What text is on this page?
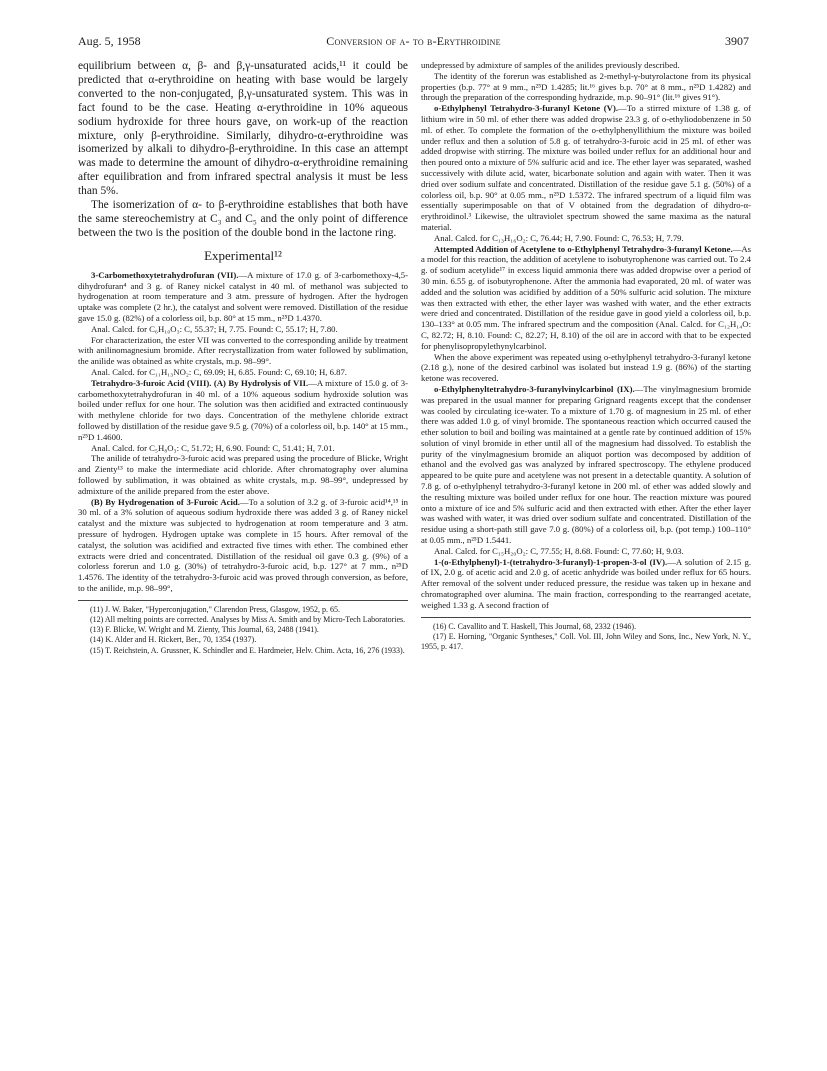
Aug. 5, 1958	Conversion of α- to β-Erythroidine	3907

equilibrium between α, β- and β,γ-unsaturated acids,¹¹ it could be predicted that α-erythroidine on heating with base would be largely converted to the non-conjugated, β,γ-unsaturated system. This was in fact found to be the case. Heating α-erythroidine in 10% aqueous sodium hydroxide for three hours gave, on work-up of the reaction mixture, only β-erythroidine. Similarly, dihydro-α-erythroidine was isomerized by alkali to dihydro-β-erythroidine. In this case an attempt was made to determine the amount of dihydro-α-erythroidine remaining after equilibration and from infrared spectral analysis it must be less than 5%.

The isomerization of α- to β-erythroidine establishes that both have the same stereochemistry at C₃ and C₅ and the only point of difference between the two is the position of the double bond in the lactone ring.

Experimental¹²

3-Carbomethoxytetrahydrofuran (VII).—A mixture of 17.0 g. of 3-carbomethoxy-4,5-dihydrofuran⁴ and 3 g. of Raney nickel catalyst in 40 ml. of methanol was subjected to hydrogenation at room temperature and 3 atm. pressure of hydrogen. After the hydrogen uptake was complete (2 hr.), the catalyst and solvent were removed. Distillation of the residue gave 15.0 g. (82%) of a colorless oil, b.p. 80° at 15 mm., n²⁵D 1.4370.

Anal. Calcd. for C₆H₁₀O₃: C, 55.37; H, 7.75. Found: C, 55.17; H, 7.80.

For characterization, the ester VII was converted to the corresponding anilide by treatment with anilinomagnesium bromide. After recrystallization from water followed by sublimation, the anilide was obtained as white crystals, m.p. 98–99°.

Anal. Calcd. for C₁₁H₁₃NO₂: C, 69.09; H, 6.85. Found: C, 69.10; H, 6.87.

Tetrahydro-3-furoic Acid (VIII). (A) By Hydrolysis of VII.—A mixture of 15.0 g. of 3-carbomethoxytetrahydrofuran in 40 ml. of a 10% aqueous sodium hydroxide solution was boiled under reflux for one hour. The solution was then acidified and extracted continuously with methylene chloride for two days. Concentration of the methylene chloride extract followed by distillation of the residue gave 9.5 g. (70%) of a colorless oil, b.p. 140° at 15 mm., n²⁵D 1.4600.

Anal. Calcd. for C₅H₈O₃: C, 51.72; H, 6.90. Found: C, 51.41; H, 7.01.

The anilide of tetrahydro-3-furoic acid was prepared using the procedure of Blicke, Wright and Zienty¹³ to make the intermediate acid chloride. After chromatography over alumina followed by sublimation, it was obtained as white crystals, m.p. 98–99°, undepressed by admixture of the anilide prepared from the ester above.

(B) By Hydrogenation of 3-Furoic Acid.—To a solution of 3.2 g. of 3-furoic acid¹⁴,¹⁵ in 30 ml. of a 3% solution of aqueous sodium hydroxide there was added 3 g. of Raney nickel catalyst and the mixture was subjected to hydrogenation at room temperature and 3 atm. pressure of hydrogen. Hydrogen uptake was complete in 15 hours. After removal of the catalyst, the solution was acidified and extracted five times with ether. The combined ether extracts were dried and concentrated. Distillation of the residual oil gave 0.3 g. (9%) of a colorless forerun and 1.0 g. (30%) of tetrahydro-3-furoic acid, b.p. 127° at 7 mm., n²⁵D 1.4576. The identity of the tetrahydro-3-furoic acid was proved through conversion, as before, to the anilide, m.p. 98–99°,

(11) J. W. Baker, "Hyperconjugation," Clarendon Press, Glasgow, 1952, p. 65.

(12) All melting points are corrected. Analyses by Miss A. Smith and by Micro-Tech Laboratories.

(13) F. Blicke, W. Wright and M. Zienty, This Journal, 63, 2488 (1941).

(14) K. Alder and H. Rickert, Ber., 70, 1354 (1937).

(15) T. Reichstein, A. Grussner, K. Schindler and E. Hardmeier, Helv. Chim. Acta, 16, 276 (1933).

undepressed by admixture of samples of the anilides previously described.

The identity of the forerun was established as 2-methyl-γ-butyrolactone from its physical properties (b.p. 77° at 9 mm., n²⁵D 1.4285; lit.¹⁶ gives b.p. 70° at 8 mm., n²⁵D 1.4282) and through the preparation of the corresponding hydrazide, m.p. 90–91° (lit.¹⁶ gives 91°).

o-Ethylphenyl Tetrahydro-3-furanyl Ketone (V).—To a stirred mixture of 1.38 g. of lithium wire in 50 ml. of ether there was added dropwise 23.3 g. of o-ethyliodobenzene in 50 ml. of ether. To complete the formation of the o-ethylphenyllithium the mixture was boiled under reflux and then a solution of 5.8 g. of tetrahydro-3-furoic acid in 25 ml. of ether was added dropwise with stirring. The mixture was boiled under reflux for an additional hour and then poured onto a mixture of 5% sulfuric acid and ice. The ether layer was separated, washed successively with dilute acid, water, bicarbonate solution and again with water. Then it was dried over sodium sulfate and concentrated. Distillation of the residue gave 5.1 g. (50%) of a colorless oil, b.p. 90° at 0.05 mm., n²⁵D 1.5372. The infrared spectrum of a liquid film was essentially superimposable on that of V obtained from the degradation of dihydro-α-erythroidinol.³ Likewise, the ultraviolet spectrum showed the same maxima as the natural material.

Anal. Calcd. for C₁₃H₁₆O₂: C, 76.44; H, 7.90. Found: C, 76.53; H, 7.79.

Attempted Addition of Acetylene to o-Ethylphenyl Tetrahydro-3-furanyl Ketone.—As a model for this reaction, the addition of acetylene to isobutyrophenone was carried out. To 2.4 g. of sodium acetylide¹⁷ in excess liquid ammonia there was added dropwise over a period of 30 min. 6.55 g. of isobutyrophenone. After the ammonia had evaporated, 20 ml. of water was added and the solution was acidified by addition of a 50% sulfuric acid solution. The mixture was then extracted with ether, the ether layer was washed with water, and the ether extracts were dried and concentrated. Distillation of the residue gave in good yield a colorless oil, b.p. 130–133° at 0.05 mm. The infrared spectrum and the composition (Anal. Calcd. for C₁₂H₁₄O: C, 82.72; H, 8.10. Found: C, 82.27; H, 8.10) of the oil are in accord with that to be expected for phenylisopropylethynylcarbinol.

When the above experiment was repeated using o-ethylphenyl tetrahydro-3-furanyl ketone (2.18 g.), none of the desired carbinol was isolated but instead 1.9 g. (86%) of the starting ketone was recovered.

o-Ethylphenyltetrahydro-3-furanylvinylcarbinol (IX).—The vinylmagnesium bromide was prepared in the usual manner for preparing Grignard reagents except that the condenser was cooled by circulating ice-water. To a mixture of 1.70 g. of magnesium in 25 ml. of ether there was added 1.0 g. of vinyl bromide. The spontaneous reaction which occurred caused the ether solution to boil and boiling was maintained at a gentle rate by continued addition of 15% solution of vinyl bromide in ether until all of the magnesium had dissolved. To establish the purity of the vinylmagnesium bromide an aliquot portion was decomposed by addition of ethanol and the evolved gas was analyzed by infrared spectroscopy. The ethylene produced appeared to be quite pure and acetylene was not present in a detectable quantity. A solution of 7.8 g. of o-ethylphenyl tetrahydro-3-furanyl ketone in 200 ml. of ether was added slowly and the resulting mixture was boiled under reflux for one hour. The reaction mixture was poured onto a mixture of ice and 5% sulfuric acid and then extracted with ether. After the ether layer was washed with water, it was dried over sodium sulfate and concentrated. Distillation of the residue using a short-path still gave 7.0 g. (80%) of a colorless oil, b.p. (pot temp.) 100–110° at 0.05 mm., n²⁵D 1.5441.

Anal. Calcd. for C₁₅H₂₀O₂: C, 77.55; H, 8.68. Found: C, 77.60; H, 9.03.

1-(o-Ethylphenyl)-1-(tetrahydro-3-furanyl)-1-propen-3-ol (IV).—A solution of 2.15 g. of IX, 2.0 g. of acetic acid and 2.0 g. of acetic anhydride was boiled under reflux for 65 hours. After removal of the solvent under reduced pressure, the residue was taken up in hexane and chromatographed over alumina. The main fraction, corresponding to the rearranged acetate, weighed 1.33 g. A second fraction of

(16) C. Cavallito and T. Haskell, This Journal, 68, 2332 (1946).

(17) E. Horning, "Organic Syntheses," Coll. Vol. III, John Wiley and Sons, Inc., New York, N. Y., 1955, p. 417.
